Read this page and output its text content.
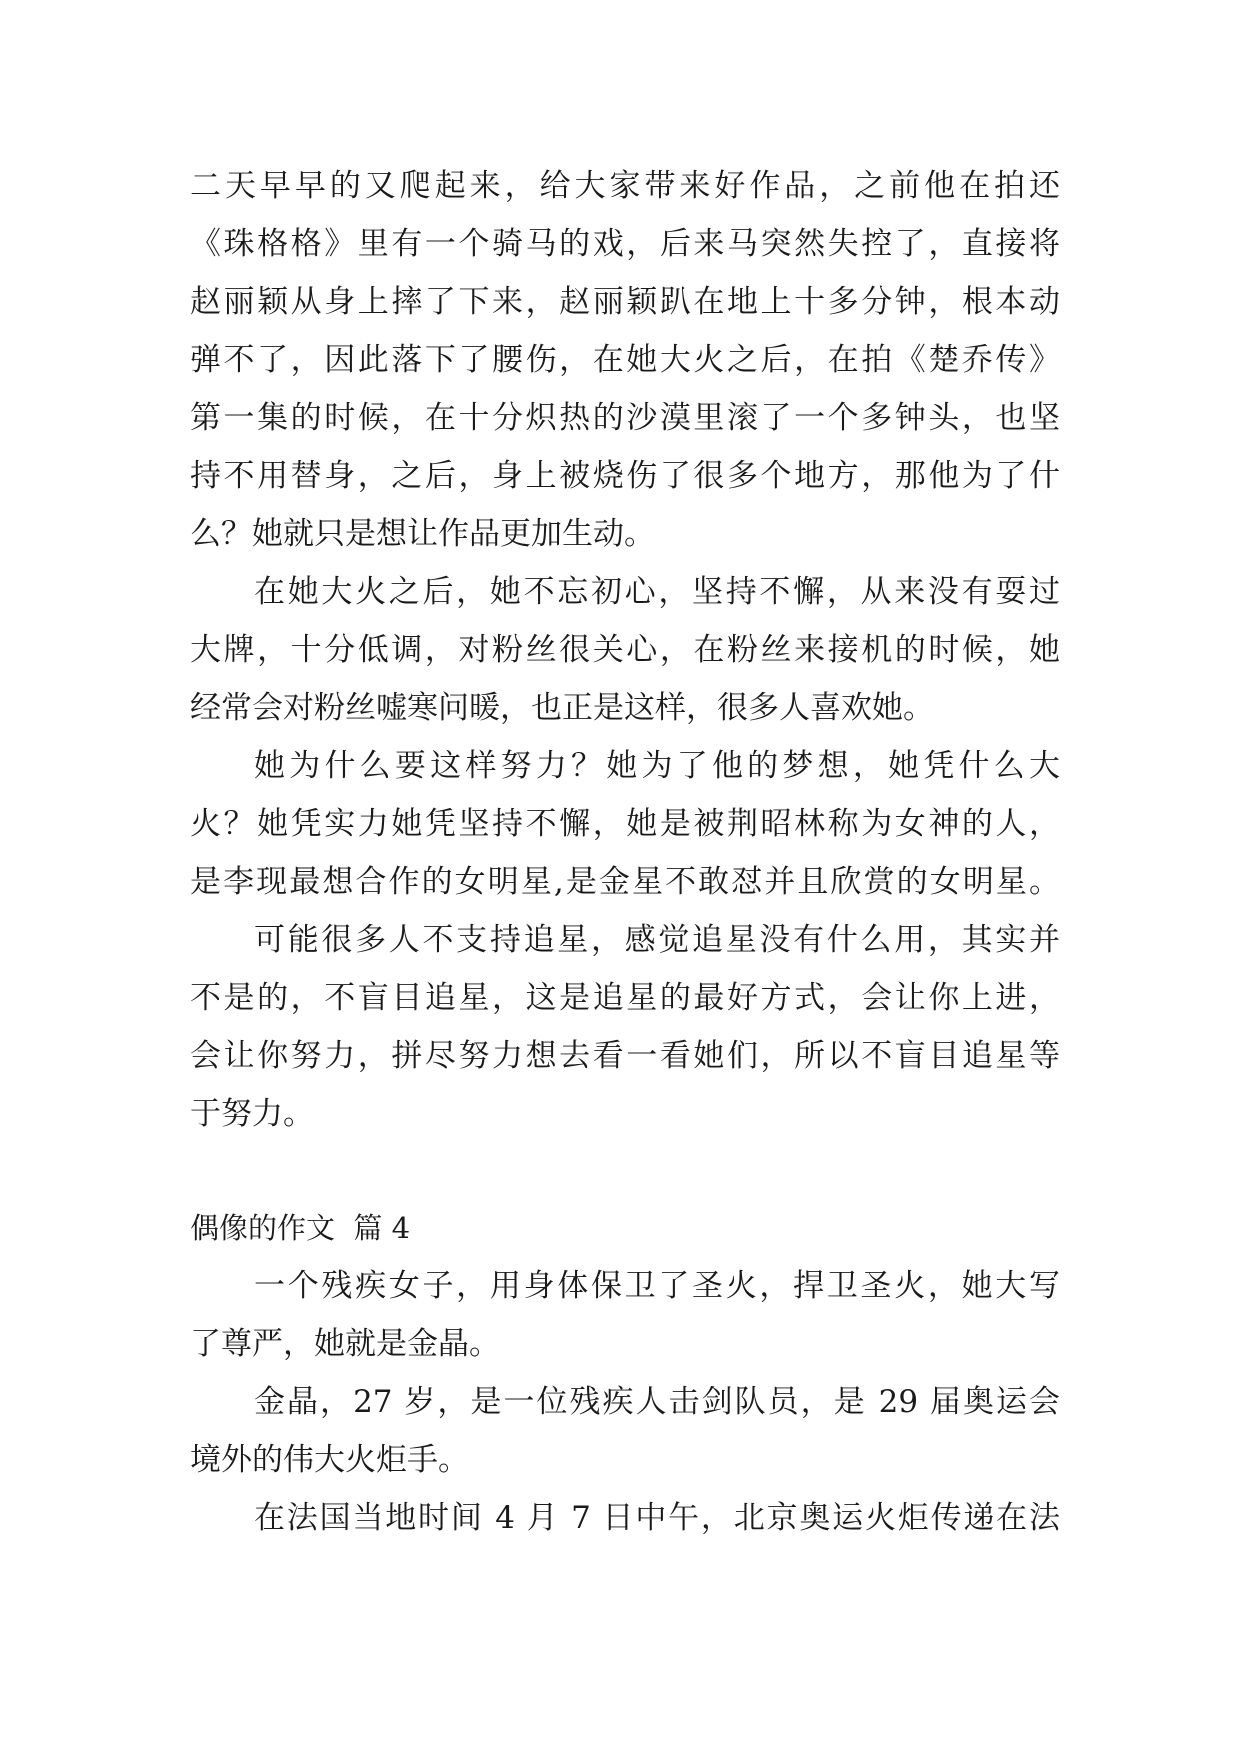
二天早早的又爬起来，给大家带来好作品，之前他在拍还
《珠格格》里有一个骑马的戏，后来马突然失控了，直接将
赵丽颖从身上摔了下来，赵丽颖趴在地上十多分钟，根本动
弹不了，因此落下了腰伤，在她大火之后，在拍《楚乔传》
第一集的时候，在十分炽热的沙漠里滚了一个多钟头，也坚
持不用替身，之后，身上被烧伤了很多个地方，那他为了什
么？她就只是想让作品更加生动。
在她大火之后，她不忘初心，坚持不懈，从来没有耍过
大牌，十分低调，对粉丝很关心，在粉丝来接机的时候，她
经常会对粉丝嘘寒问暖，也正是这样，很多人喜欢她。
她为什么要这样努力？她为了他的梦想，她凭什么大
火？她凭实力她凭坚持不懈，她是被荆昭林称为女神的人，
是李现最想合作的女明星,是金星不敢怼并且欣赏的女明星。
可能很多人不支持追星，感觉追星没有什么用，其实并
不是的，不盲目追星，这是追星的最好方式，会让你上进，
会让你努力，拼尽努力想去看一看她们，所以不盲目追星等
于努力。
偶像的作文  篇 4
一个残疾女子，用身体保卫了圣火，捍卫圣火，她大写
了尊严，她就是金晶。
金晶，27 岁，是一位残疾人击剑队员，是 29 届奥运会
境外的伟大火炬手。
在法国当地时间 4 月 7 日中午，北京奥运火炬传递在法
